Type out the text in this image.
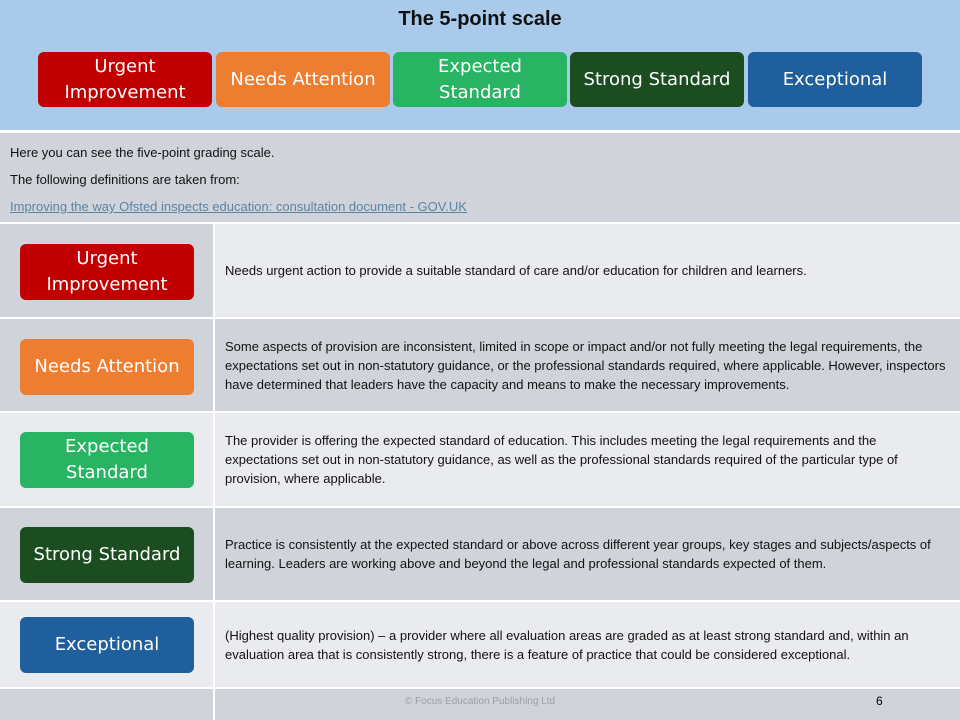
The 5-point scale
Urgent
Improvement
Needs Attention
Expected
Standard
Strong Standard	Exceptional
Here you can see the five-point grading scale.
The following definitions are taken from:
Improving the way Ofsted inspects education: consultation document - GOV.UK
Needs urgent action to provide a suitable standard of care and/or education for children and learners.
Urgent
Improvement
Some aspects of provision are inconsistent, limited in scope or impact and/or not fully meeting the legal requirements, the expectations set out in non-statutory guidance, or the professional standards required, where applicable. However, inspectors have determined that leaders have the capacity and means to make the necessary improvements.
Needs Attention
The provider is offering the expected standard of education. This includes meeting the legal requirements and the expectations set out in non-statutory guidance, as well as the professional standards required of the particular type of provision, where applicable.
Expected
Standard
Practice is consistently at the expected standard or above across different year groups, key stages and subjects/aspects of learning. Leaders are working above and beyond the legal and professional standards expected of them.
Strong Standard
(Highest quality provision) – a provider where all evaluation areas are graded as at least strong standard and, within an evaluation area that is consistently strong, there is a feature of practice that could be considered exceptional.
Exceptional
© Focus Education Publishing Ltd	6
